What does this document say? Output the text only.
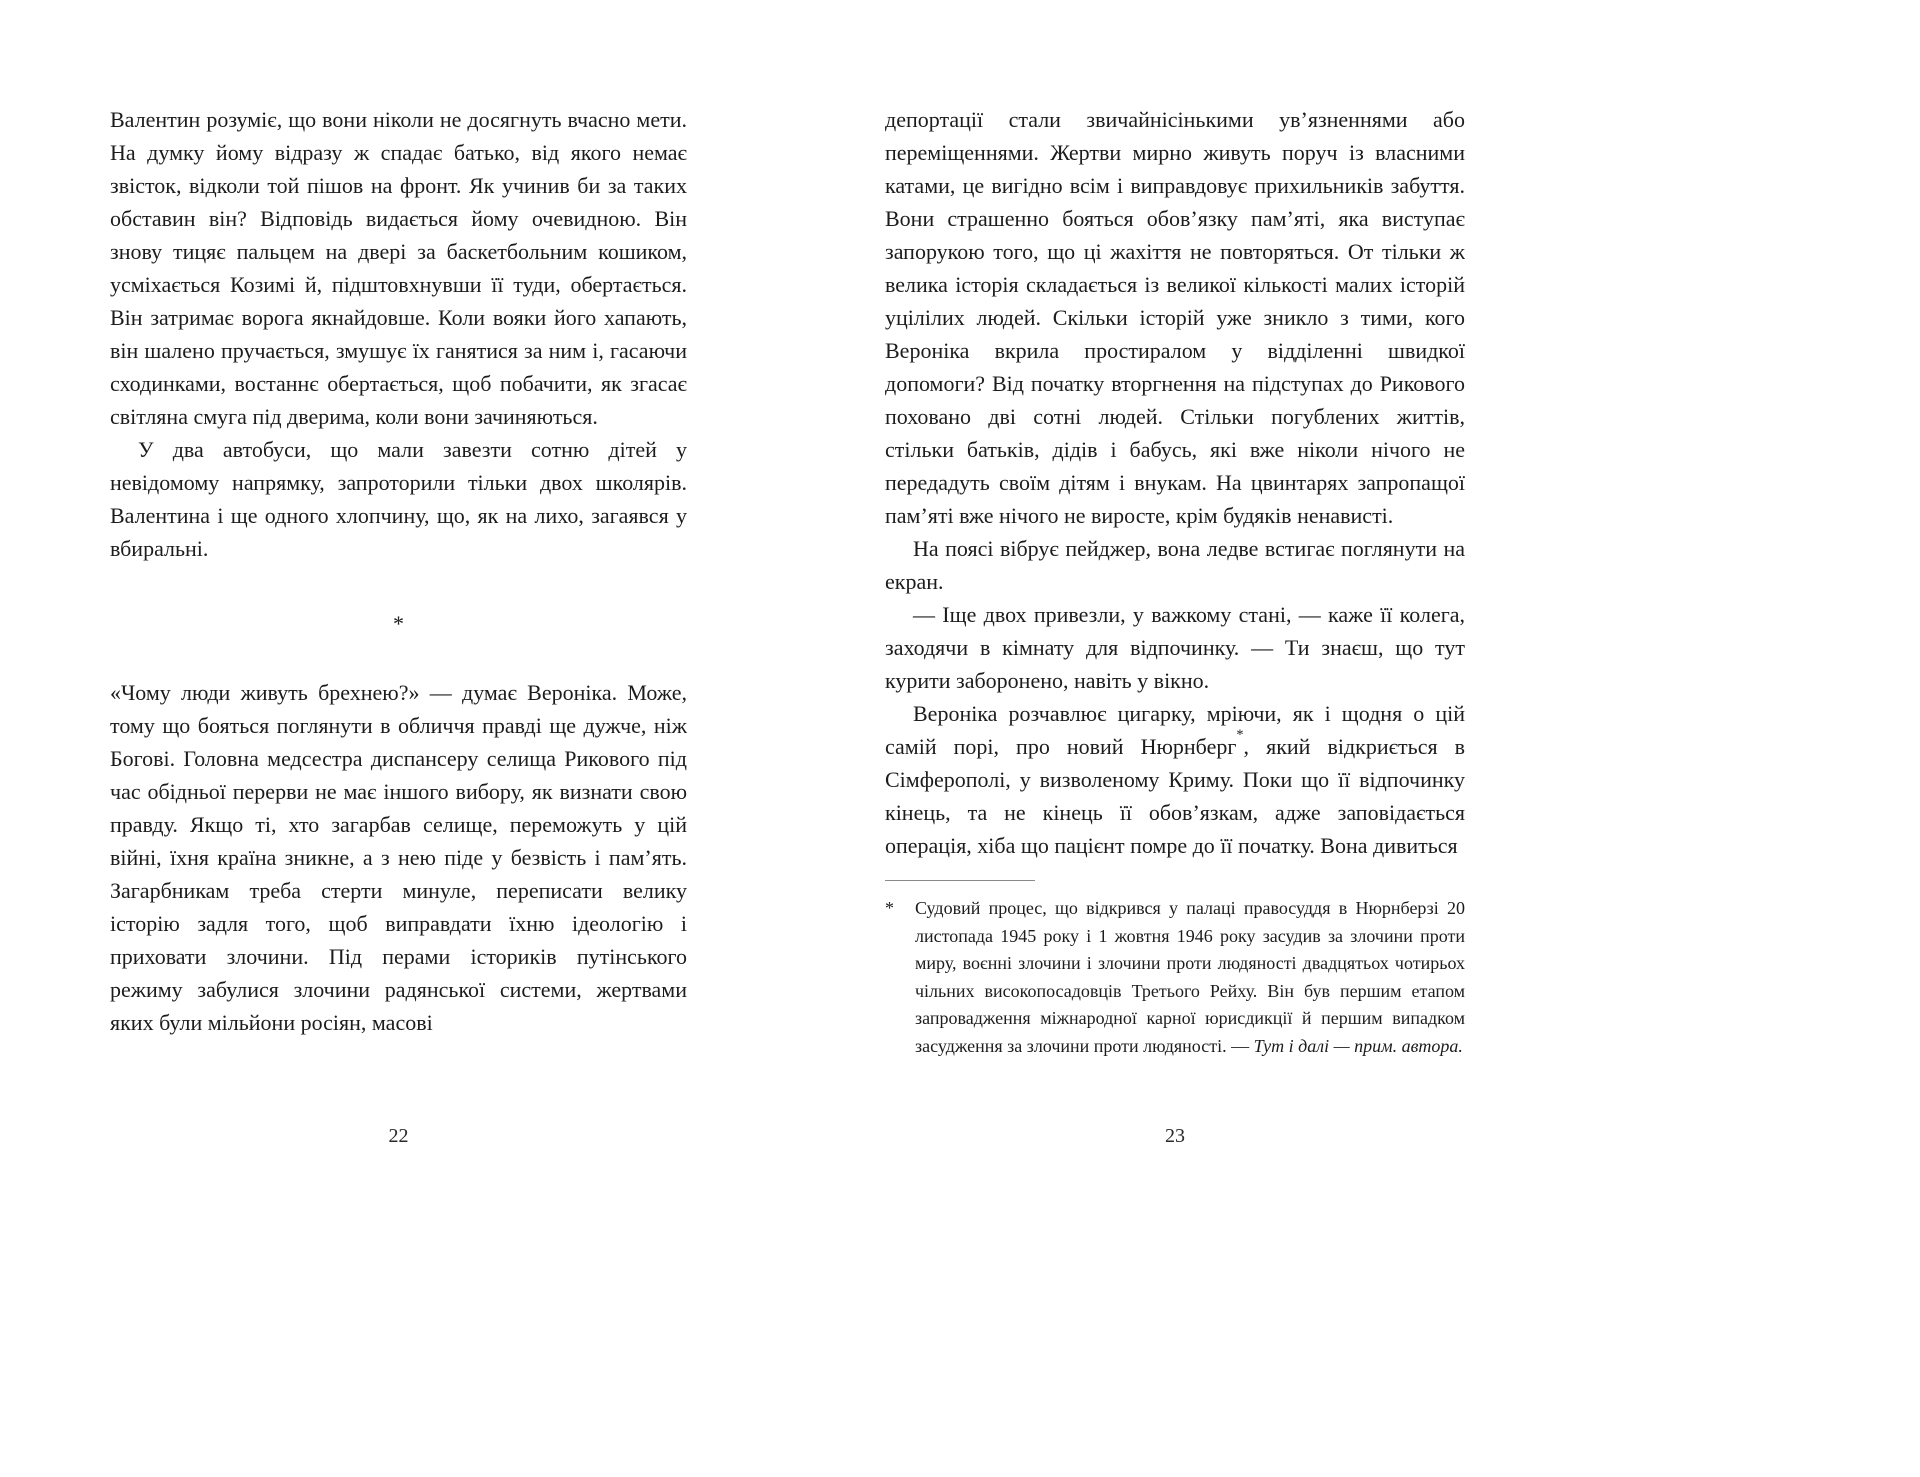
Валентин розуміє, що вони ніколи не досягнуть вчасно мети. На думку йому відразу ж спадає батько, від якого немає звісток, відколи той пішов на фронт. Як учинив би за таких обставин він? Відповідь видається йому очевидною. Він знову тицяє пальцем на двері за баскетбольним кошиком, усміхається Козимі й, підштовхнувши її туди, обертається. Він затримає ворога якнайдовше. Коли вояки його хапають, він шалено пручається, змушує їх ганятися за ним і, гасаючи сходинками, востаннє обертається, щоб побачити, як згасає світляна смуга під дверима, коли вони зачиняються.

У два автобуси, що мали завезти сотню дітей у невідомому напрямку, запроторили тільки двох школярів. Валентина і ще одного хлопчину, що, як на лихо, загаявся у вбиральні.

*

«Чому люди живуть брехнею?» — думає Вероніка. Може, тому що бояться поглянути в обличчя правді ще дужче, ніж Богові. Головна медсестра диспансеру селища Рикового під час обідньої перерви не має іншого вибору, як визнати свою правду. Якщо ті, хто загарбав селище, переможуть у цій війні, їхня країна зникне, а з нею піде у безвість і пам’ять. Загарбникам треба стерти минуле, переписати велику історію задля того, щоб виправдати їхню ідеологію і приховати злочини. Під перами істориків путінського режиму забулися злочини радянської системи, жертвами яких були мільйони росіян, масові

22

депортації стали звичайнісінькими ув’язненнями або переміщеннями. Жертви мирно живуть поруч із власними катами, це вигідно всім і виправдовує прихильників забуття. Вони страшенно бояться обов’язку пам’яті, яка виступає запорукою того, що ці жахіття не повторяться. От тільки ж велика історія складається із великої кількості малих історій уцілілих людей. Скільки історій уже зникло з тими, кого Вероніка вкрила простиралом у відділенні швидкої допомоги? Від початку вторгнення на підступах до Рикового поховано дві сотні людей. Стільки погублених життів, стільки батьків, дідів і бабусь, які вже ніколи нічого не передадуть своїм дітям і внукам. На цвинтарях запропащої пам’яті вже нічого не виросте, крім будяків ненависті.

На поясі вібрує пейджер, вона ледве встигає поглянути на екран.

— Іще двох привезли, у важкому стані, — каже її колега, заходячи в кімнату для відпочинку. — Ти знаєш, що тут курити заборонено, навіть у вікно.

Вероніка розчавлює цигарку, мріючи, як і щодня о цій самій порі, про новий Нюрнберг*, який відкриється в Сімферополі, у визволеному Криму. Поки що її відпочинку кінець, та не кінець її обов’язкам, адже заповідається операція, хіба що пацієнт помре до її початку. Вона дивиться

* Судовий процес, що відкрився у палаці правосуддя в Нюрнберзі 20 листопада 1945 року і 1 жовтня 1946 року засудив за злочини проти миру, воєнні злочини і злочини проти людяності двадцятьох чотирьох чільних високопосадовців Третього Рейху. Він був першим етапом запровадження міжнародної карної юрисдикції й першим випадком засудження за злочини проти людяності. — Тут і далі — прим. автора.

23
